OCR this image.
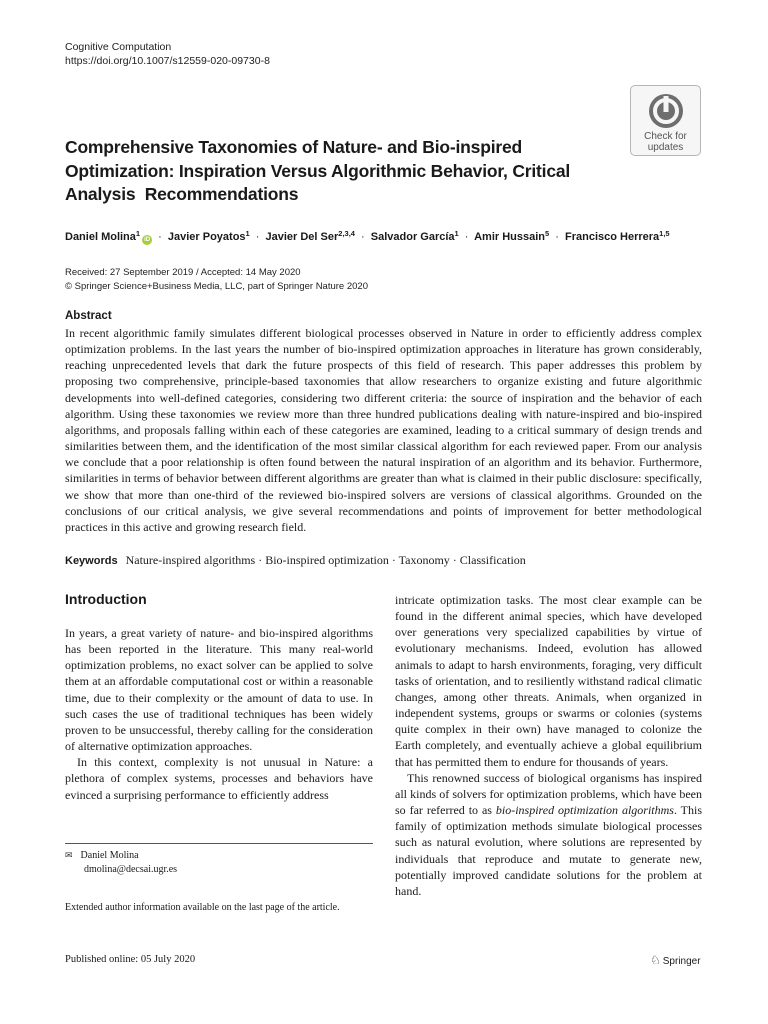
Cognitive Computation
https://doi.org/10.1007/s12559-020-09730-8
Check for
updates
Comprehensive Taxonomies of Nature- and Bio-inspired
Optimization: Inspiration Versus Algorithmic Behavior, Critical
Analysis  Recommendations
Daniel Molina$^1$iD · Javier Poyatos$^1$ · Javier Del Ser$^{2,3,4}$ · Salvador García$^1$ · Amir Hussain$^5$ · Francisco Herrera$^{1,5}$
Received: 27 September 2019 / Accepted: 14 May 2020
© Springer Science+Business Media, LLC, part of Springer Nature 2020
Abstract
In recent algorithmic family simulates different biological processes observed in Nature in order to efficiently address complex optimization problems. In the last years the number of bio-inspired optimization approaches in literature has grown considerably, reaching unprecedented levels that dark the future prospects of this field of research. This paper addresses this problem by proposing two comprehensive, principle-based taxonomies that allow researchers to organize existing and future algorithmic developments into well-defined categories, considering two different criteria: the source of inspiration and the behavior of each algorithm. Using these taxonomies we review more than three hundred publications dealing with nature-inspired and bio-inspired algorithms, and proposals falling within each of these categories are examined, leading to a critical summary of design trends and similarities between them, and the identification of the most similar classical algorithm for each reviewed paper. From our analysis we conclude that a poor relationship is often found between the natural inspiration of an algorithm and its behavior. Furthermore, similarities in terms of behavior between different algorithms are greater than what is claimed in their public disclosure: specifically, we show that more than one-third of the reviewed bio-inspired solvers are versions of classical algorithms. Grounded on the conclusions of our critical analysis, we give several recommendations and points of improvement for better methodological practices in this active and growing research field.
Keywords Nature-inspired algorithms · Bio-inspired optimization · Taxonomy · Classification
Introduction

In years, a great variety of nature- and bio-inspired algorithms has been reported in the literature. This many real-world optimization problems, no exact solver can be applied to solve them at an affordable computational cost or within a reasonable time, due to their complexity or the amount of data to use. In such cases the use of traditional techniques has been widely proven to be unsuccessful, thereby calling for the consideration of alternative optimization approaches.

In this context, complexity is not unusual in Nature: a plethora of complex systems, processes and behaviors have evinced a surprising performance to efficiently address

✉ Daniel Molina
dmolina@decsai.ugr.es
Extended author information available on the last page of the article.

intricate optimization tasks. The most clear example can be found in the different animal species, which have developed over generations very specialized capabilities by virtue of evolutionary mechanisms. Indeed, evolution has allowed animals to adapt to harsh environments, foraging, very difficult tasks of orientation, and to resiliently withstand radical climatic changes, among other threats. Animals, when organized in independent systems, groups or swarms or colonies (systems quite complex in their own) have managed to colonize the Earth completely, and eventually achieve a global equilibrium that has permitted them to endure for thousands of years.

This renowned success of biological organisms has inspired all kinds of solvers for optimization problems, which have been so far referred to as bio-inspired optimization algorithms. This family of optimization methods simulate biological processes such as natural evolution, where solutions are represented by individuals that reproduce and mutate to generate new, potentially improved candidate solutions for the problem at hand.

Published online: 05 July 2020	♘ Springer
